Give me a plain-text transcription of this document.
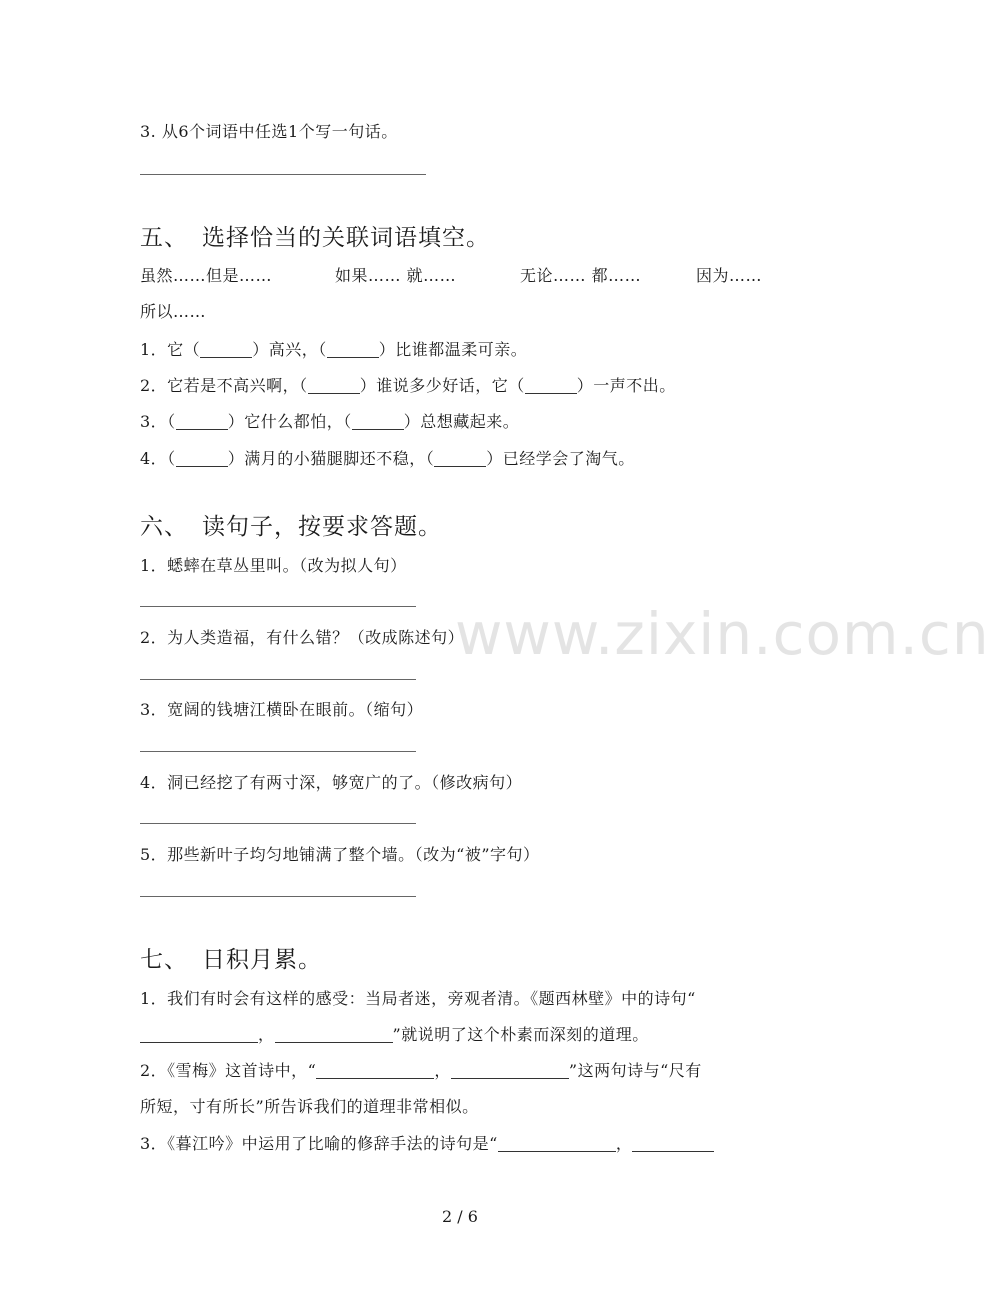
www.zixin.com.cn
3. 从6个词语中任选1个写一句话。
五、 选择恰当的关联词语填空。
虽然……但是……	如果…… 就……	无论…… 都……	因为……
所以……
1．它（	）高兴，（	）比谁都温柔可亲。
2．它若是不高兴啊，（	）谁说多少好话，它（	）一声不出。
3．（	）它什么都怕，（	）总想藏起来。
4．（	）满月的小猫腿脚还不稳，（	）已经学会了淘气。
六、 读句子，按要求答题。
1．蟋蟀在草丛里叫。（改为拟人句）
2．为人类造福，有什么错？（改成陈述句）
3．宽阔的钱塘江横卧在眼前。（缩句）
4．洞已经挖了有两寸深，够宽广的了。（修改病句）
5．那些新叶子均匀地铺满了整个墙。（改为“被”字句）
七、 日积月累。
1．我们有时会有这样的感受：当局者迷，旁观者清。《题西林壁》中的诗句“
，	”就说明了这个朴素而深刻的道理。
2．《雪梅》这首诗中，“	，	”这两句诗与“尺有
所短，寸有所长”所告诉我们的道理非常相似。
3．《暮江吟》中运用了比喻的修辞手法的诗句是“	，
2 / 6
